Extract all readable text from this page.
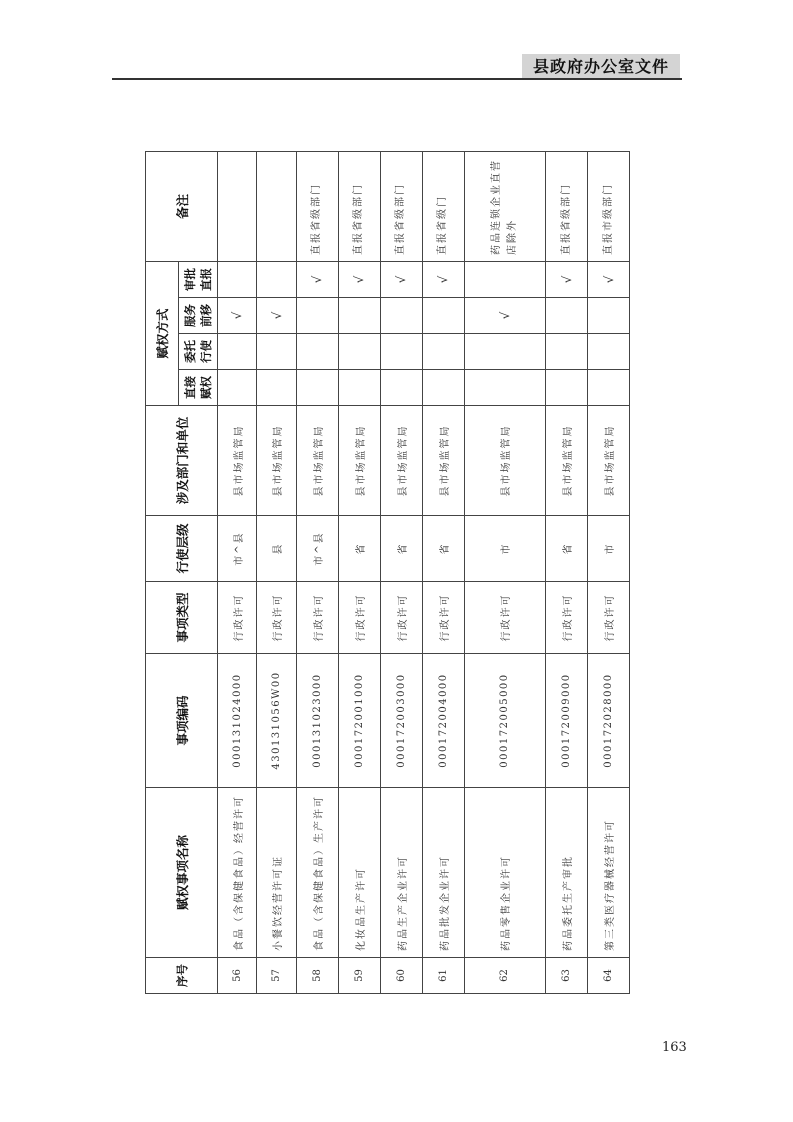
县政府办公室文件
序号	赋权事项名称	事项编码	事项类型	行使层级	涉及部门和单位	赋权方式				备注

						直接 赋权	委托 行使	服务 前移	审批 直报	

56	食品（含保健食品）经营许可	000131024000	行政许可	市^县	县市场监管局			√		
57	小餐饮经营许可证	430131056W00	行政许可	县	县市场监管局			√		
58	食品（含保健食品）生产许可	000131023000	行政许可	市^县	县市场监管局				√	直报省级部门
59	化妆品生产许可	000172001000	行政许可	省	县市场监管局				√	直报省级部门
60	药品生产企业许可	000172003000	行政许可	省	县市场监管局				√	直报省级部门
61	药品批发企业许可	000172004000	行政许可	省	县市场监管局				√	直报省级门
62	药品零售企业许可	000172005000	行政许可	市	县市场监管局			√		药品连锁企业直营店除外
63	药品委托生产审批	000172009000	行政许可	省	县市场监管局				√	直报省级部门
64	第三类医疗器械经营许可	000172028000	行政许可	市	县市场监管局				√	直报市级部门
163
